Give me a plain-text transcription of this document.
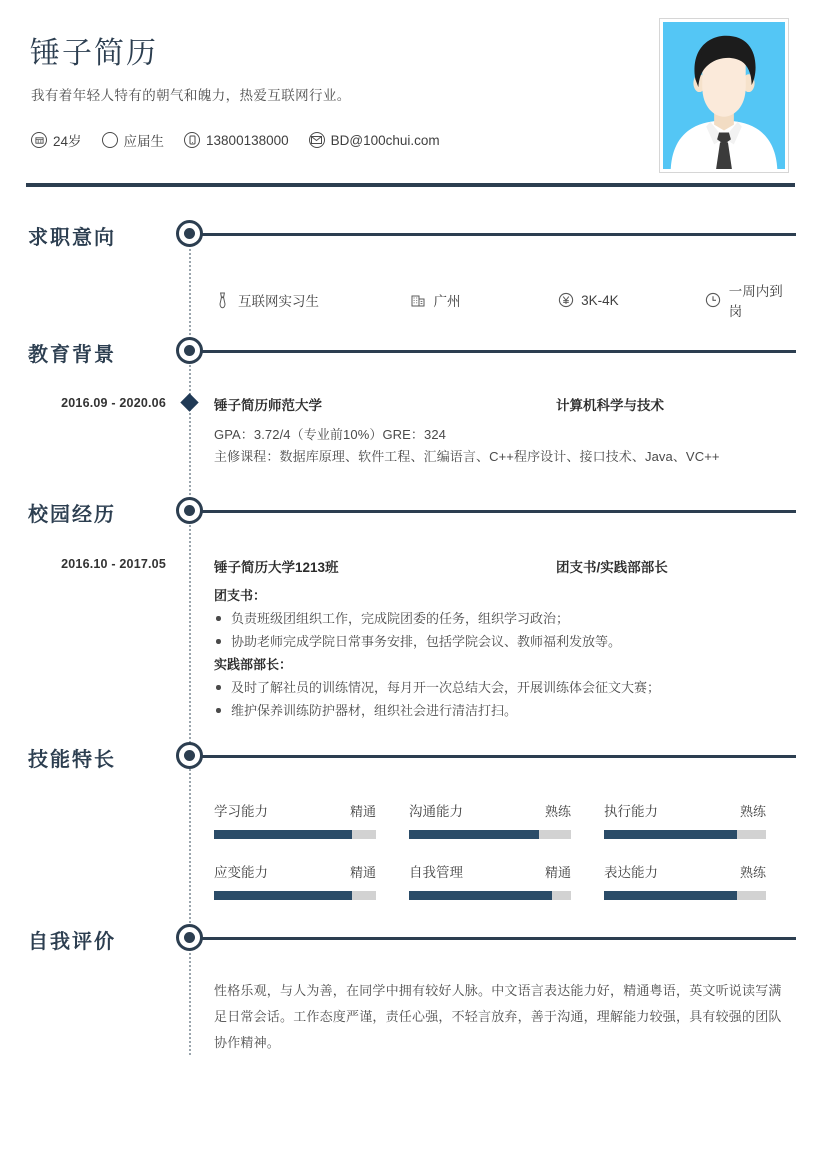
锤子简历
我有着年轻人特有的朝气和魄力，热爱互联网行业。
24岁	应届生	13800138000	BD@100chui.com
求职意向
互联网实习生	广州	3K-4K
一周内到岗
教育背景
2016.09 - 2020.06	锤子简历师范大学	计算机科学与技术
GPA：3.72/4（专业前10%）GRE：324
主修课程：数据库原理、软件工程、汇编语言、C++程序设计、接口技术、Java、VC++
校园经历
2016.10 - 2017.05	锤子简历大学1213班	团支书/实践部部长
团支书：
负责班级团组织工作，完成院团委的任务，组织学习政治；
协助老师完成学院日常事务安排，包括学院会议、教师福利发放等。
实践部部长：
及时了解社员的训练情况，每月开一次总结大会，开展训练体会征文大赛；
维护保养训练防护器材，组织社会进行清洁打扫。
技能特长
学习能力	精通 沟通能力	熟练 执行能力	熟练
应变能力	精通 自我管理	精通 表达能力	熟练
自我评价
性格乐观，与人为善，在同学中拥有较好人脉。中文语言表达能力好，精通粤语，英文听说读写满足日常会话。工作态度严谨，责任心强，不轻言放弃，善于沟通，理解能力较强，具有较强的团队协作精神。
